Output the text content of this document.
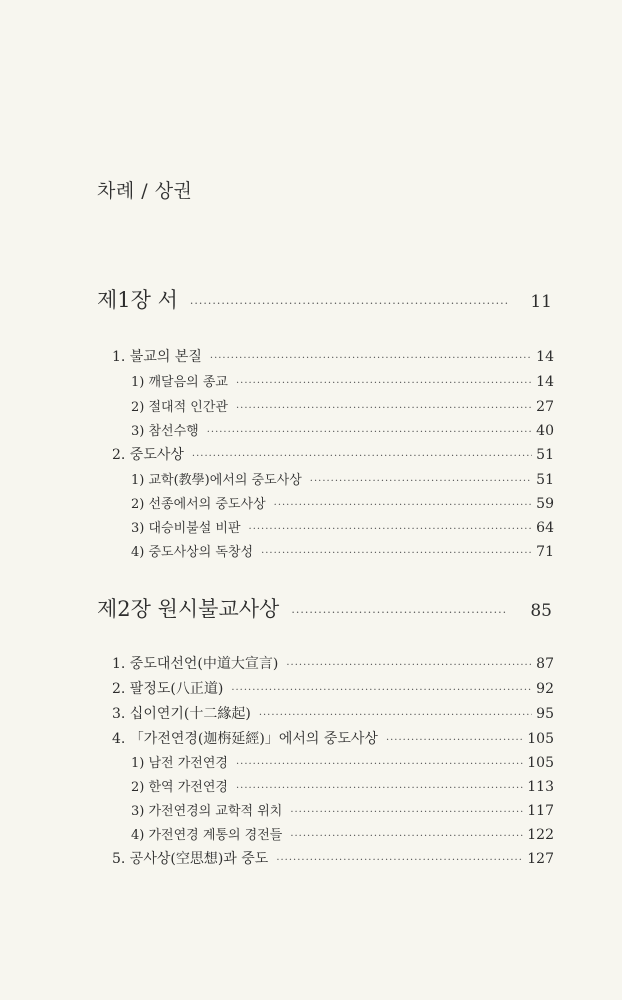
차례 / 상권
제1장 서 ·····	11
1. 불교의 본질 ·····	14
1) 깨달음의 종교 ·····	14
2) 절대적 인간관 ·····	27
3) 참선수행 ·····	40
2. 중도사상 ·····	51
1) 교학(教學)에서의 중도사상 ·····	51
2) 선종에서의 중도사상 ·····	59
3) 대승비불설 비판 ·····	64
4) 중도사상의 독창성 ·····	71
제2장 원시불교사상 ·····	85
1. 중도대선언(中道大宣言) ·····	87
2. 팔정도(八正道) ·····	92
3. 십이연기(十二緣起) ·····	95
4. 「가전연경(迦栴延經)」에서의 중도사상 ·····	105
1) 남전 가전연경 ·····	105
2) 한역 가전연경 ·····	113
3) 가전연경의 교학적 위치 ·····	117
4) 가전연경 계통의 경전들 ·····	122
5. 공사상(空思想)과 중도 ·····	127
